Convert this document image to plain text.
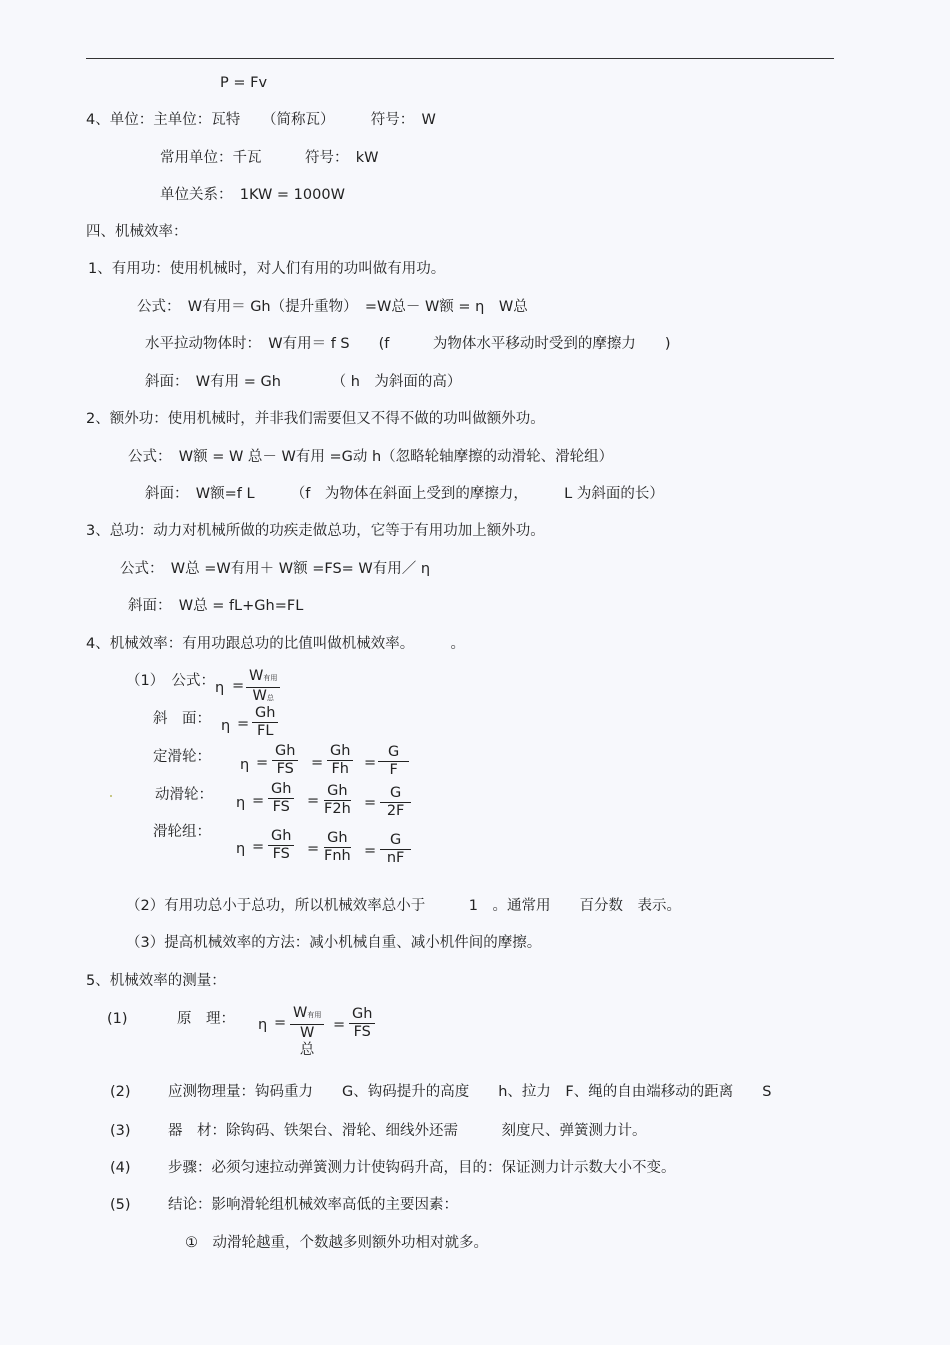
P = Fv
4、单位：主单位：瓦特　　（简称瓦）　　　符号：　W
常用单位：千瓦　　　符号：　kW
单位关系：　1KW = 1000W
四、机械效率：
1、有用功：使用机械时，对人们有用的功叫做有用功。
公式：　W有用＝ Gh（提升重物）　=W总－ W额 = η　W总
水平拉动物体时：　W有用＝ f S　　(f　　　为物体水平移动时受到的摩擦力　　)
斜面：　W有用 = Gh　　　　（ h　为斜面的高）
2、额外功：使用机械时，并非我们需要但又不得不做的功叫做额外功。
公式：　W额 = W 总－ W有用 =G动 h（忽略轮轴摩擦的动滑轮、滑轮组）
斜面：　W额=f L　　　（f　为物体在斜面上受到的摩擦力，　　　L 为斜面的长）
3、总功：动力对机械所做的功疾走做总功，它等于有用功加上额外功。
公式：　W总 =W有用＋ W额 =FS= W有用／ η
斜面：　W总 = fL+Gh=FL
4、机械效率：有用功跟总功的比值叫做机械效率。　　　。
（1）　公式： η =
W有用
W总
斜　面： $\eta = \frac{Gh}{FL}$
定滑轮： $\eta = \frac{Gh}{FS} = \frac{Gh}{Fh} = \frac{G}{F}$
动滑轮： $\eta = \frac{Gh}{FS} = \frac{Gh}{F2h} = \frac{G}{2F}$
滑轮组：
$\eta = \frac{Gh}{FS}$ =
Gh
Fnh = $\frac{G}{nF}$
（2）有用功总小于总功，所以机械效率总小于　　　1　。通常用　　百分数　表示。
（3）提高机械效率的方法：减小机械自重、减小机件间的摩擦。
5、机械效率的测量：
(1)	原　理： η =
W有用
W
总
= $\frac{Gh}{FS}$
(2)	应测物理量：钩码重力　　G、钩码提升的高度　　h、拉力　F、绳的自由端移动的距离　　S
(3)	器　材：除钩码、铁架台、滑轮、细线外还需　　　刻度尺、弹簧测力计。
(4)	步骤：必须匀速拉动弹簧测力计使钩码升高，目的：保证测力计示数大小不变。
(5)	结论：影响滑轮组机械效率高低的主要因素：
①　动滑轮越重，个数越多则额外功相对就多。
